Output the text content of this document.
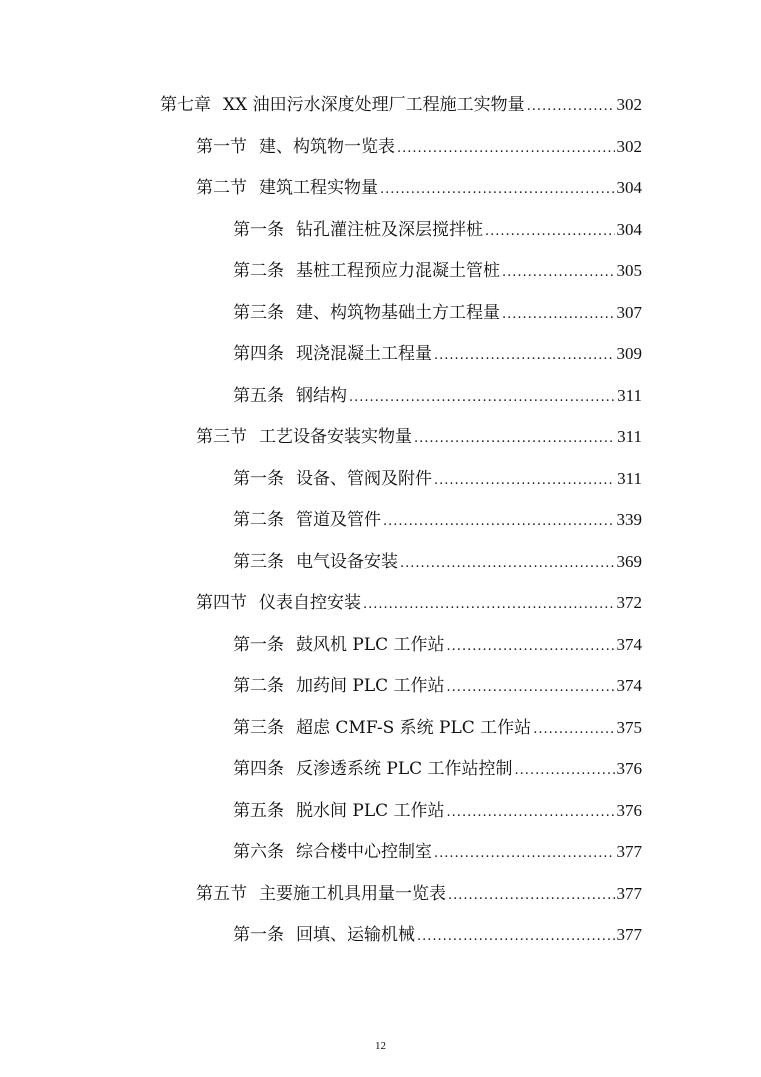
第七章 XX 油田污水深度处理厂工程施工实物量 .....	302
第一节 建、构筑物一览表 .....	302
第二节 建筑工程实物量 .....	304
第一条 钻孔灌注桩及深层搅拌桩 .....	304
第二条 基桩工程预应力混凝土管桩 .....	305
第三条 建、构筑物基础土方工程量 .....	307
第四条 现浇混凝土工程量 .....	309
第五条 钢结构 .....	311
第三节 工艺设备安装实物量 .....	311
第一条 设备、管阀及附件 .....	311
第二条 管道及管件 .....	339
第三条 电气设备安装 .....	369
第四节 仪表自控安装 .....	372
第一条 鼓风机 PLC 工作站 .....	374
第二条 加药间 PLC 工作站 .....	374
第三条 超虑 CMF-S 系统 PLC 工作站 .....	375
第四条 反渗透系统 PLC 工作站控制 .....	376
第五条 脱水间 PLC 工作站 .....	376
第六条 综合楼中心控制室 .....	377
第五节 主要施工机具用量一览表 .....	377
第一条 回填、运输机械 .....	377
12
